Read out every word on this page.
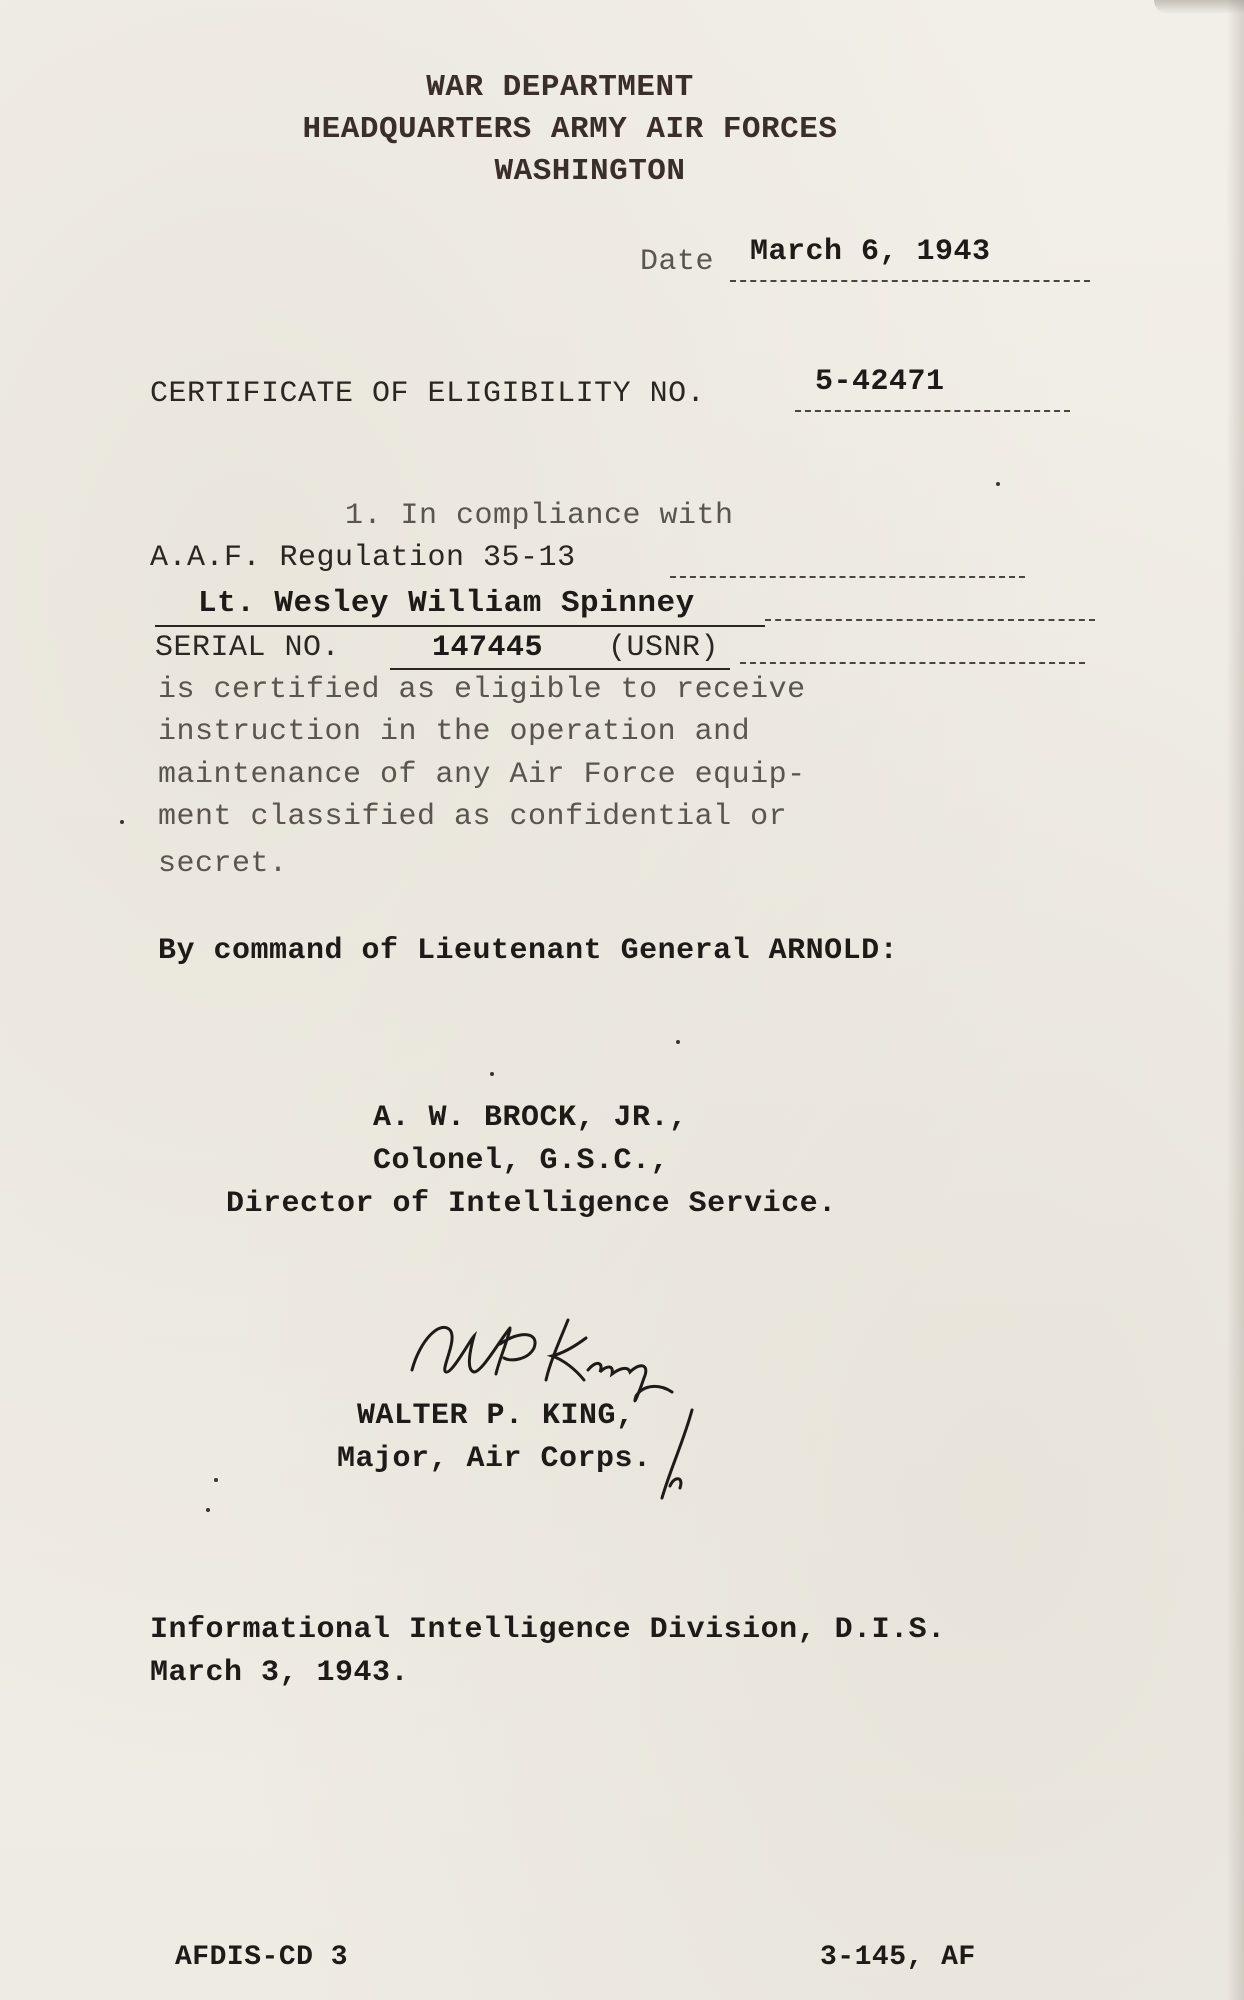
WAR DEPARTMENT
HEADQUARTERS ARMY AIR FORCES
WASHINGTON
Date March 6, 1943
CERTIFICATE OF ELIGIBILITY NO.	5-42471
1. In compliance with
A.A.F. Regulation 35-13
Lt. Wesley William Spinney
SERIAL NO.	147445 (USNR)
is certified as eligible to receive
instruction in the operation and
maintenance of any Air Force equip-
ment classified as confidential or
secret.
By command of Lieutenant General ARNOLD:
A. W. BROCK, JR.,
Colonel, G.S.C.,
Director of Intelligence Service.
WALTER P. KING,
Major, Air Corps.
Informational Intelligence Division, D.I.S.
March 3, 1943.
AFDIS-CD 3	3-145, AF
